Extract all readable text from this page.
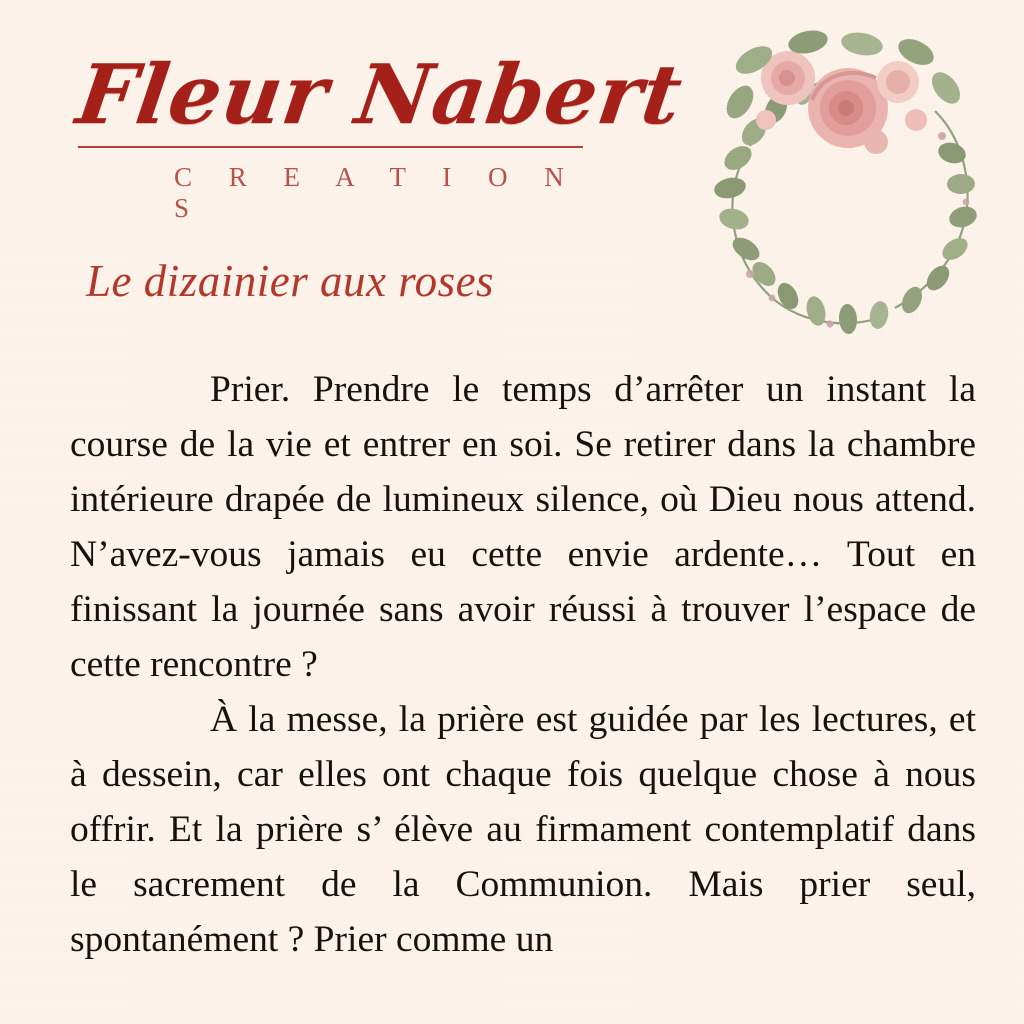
Fleur Nabert
C R E A T I O N S
Le dizainier aux roses

Prier. Prendre le temps d’arrêter un instant la course de la vie et entrer en soi. Se retirer dans la chambre intérieure drapée de lumineux silence, où Dieu nous attend. N’avez-vous jamais eu cette envie ardente… Tout en finissant la journée sans avoir réussi à trouver l’espace de cette rencontre ?

À la messe, la prière est guidée par les lectures, et à dessein, car elles ont chaque fois quelque chose à nous offrir. Et la prière s’ élève au firmament contemplatif dans le sacrement de la Communion. Mais prier seul, spontanément ? Prier comme un
